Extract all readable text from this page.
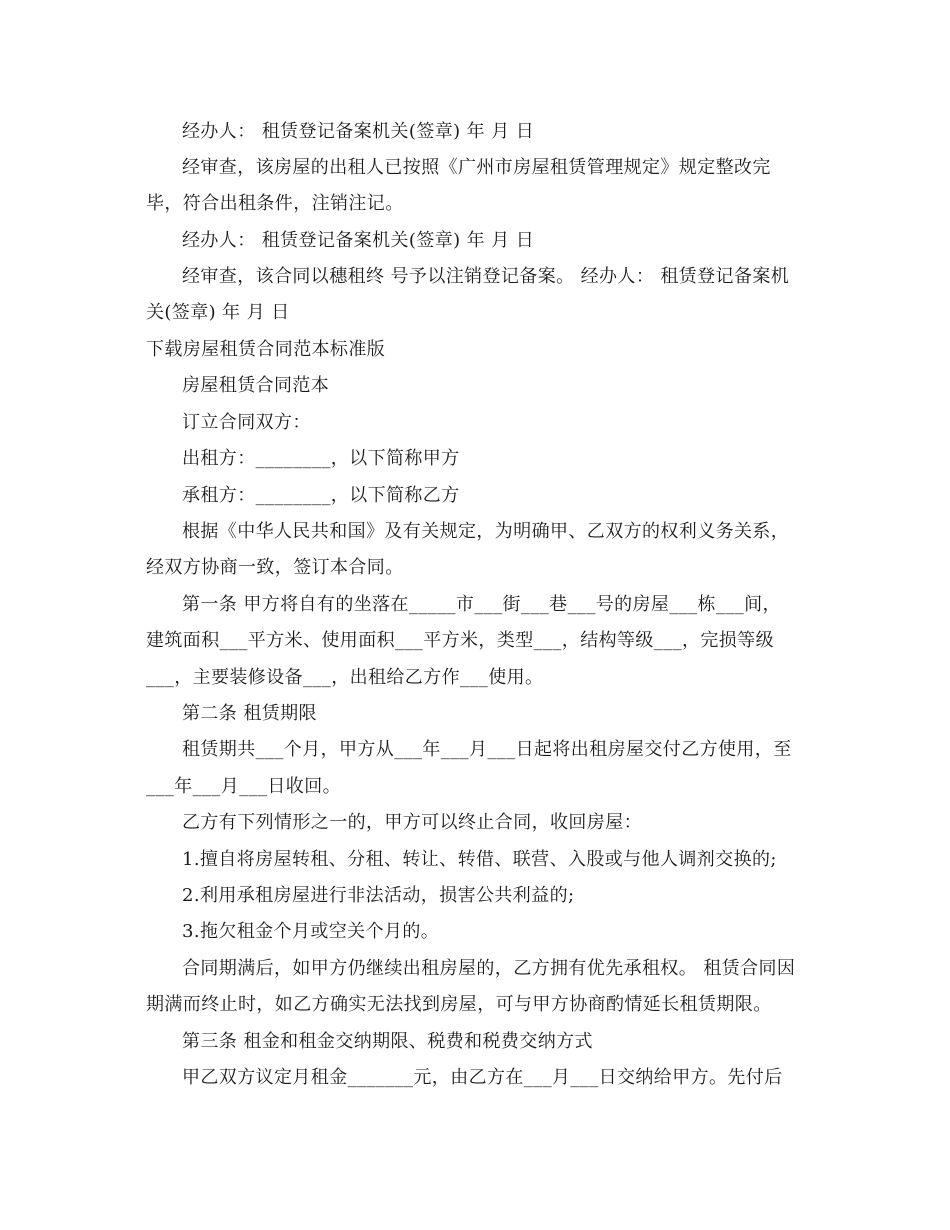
经办人： 租赁登记备案机关(签章) 年 月 日
经审查，该房屋的出租人已按照《广州市房屋租赁管理规定》规定整改完
毕，符合出租条件，注销注记。
经办人： 租赁登记备案机关(签章) 年 月 日
经审查，该合同以穗租终 号予以注销登记备案。 经办人： 租赁登记备案机
关(签章) 年 月 日
下载房屋租赁合同范本标准版
房屋租赁合同范本
订立合同双方：
出租方：________，以下简称甲方
承租方：________，以下简称乙方
根据《中华人民共和国》及有关规定，为明确甲、乙双方的权利义务关系，
经双方协商一致，签订本合同。
第一条 甲方将自有的坐落在_____市___街___巷___号的房屋___栋___间，
建筑面积___平方米、使用面积___平方米，类型___，结构等级___，完损等级
___，主要装修设备___，出租给乙方作___使用。
第二条 租赁期限
租赁期共___个月，甲方从___年___月___日起将出租房屋交付乙方使用，至
___年___月___日收回。
乙方有下列情形之一的，甲方可以终止合同，收回房屋：
1.擅自将房屋转租、分租、转让、转借、联营、入股或与他人调剂交换的;
2.利用承租房屋进行非法活动，损害公共利益的;
3.拖欠租金个月或空关个月的。
合同期满后，如甲方仍继续出租房屋的，乙方拥有优先承租权。 租赁合同因
期满而终止时，如乙方确实无法找到房屋，可与甲方协商酌情延长租赁期限。
第三条 租金和租金交纳期限、税费和税费交纳方式
甲乙双方议定月租金_______元，由乙方在___月___日交纳给甲方。先付后
